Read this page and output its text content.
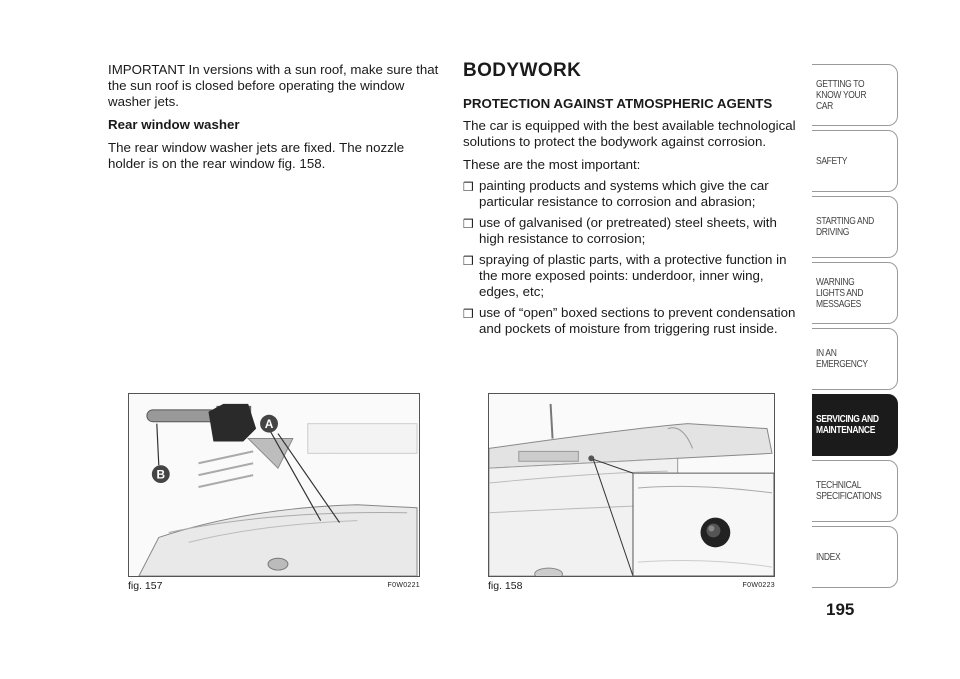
IMPORTANT In versions with a sun roof, make sure that the sun roof is closed before operating the window washer jets.

Rear window washer

The rear window washer jets are fixed. The nozzle holder is on the rear window fig. 158.

BODYWORK
PROTECTION AGAINST ATMOSPHERIC AGENTS

The car is equipped with the best available technological solutions to protect the bodywork against corrosion.

These are the most important:

❒ painting products and systems which give the car particular resistance to corrosion and abrasion;
❒ use of galvanised (or pretreated) steel sheets, with high resistance to corrosion;
❒ spraying of plastic parts, with a protective function in the more exposed points: underdoor, inner wing, edges, etc;
❒ use of “open” boxed sections to prevent condensation and pockets of moisture from triggering rust inside.
A
B
fig. 157	F0W0221	fig. 158	F0W0223
GETTING TO KNOW YOUR CAR
SAFETY
STARTING AND DRIVING
WARNING LIGHTS AND MESSAGES
IN AN EMERGENCY
SERVICING AND MAINTENANCE
TECHNICAL SPECIFICATIONS
INDEX
195
